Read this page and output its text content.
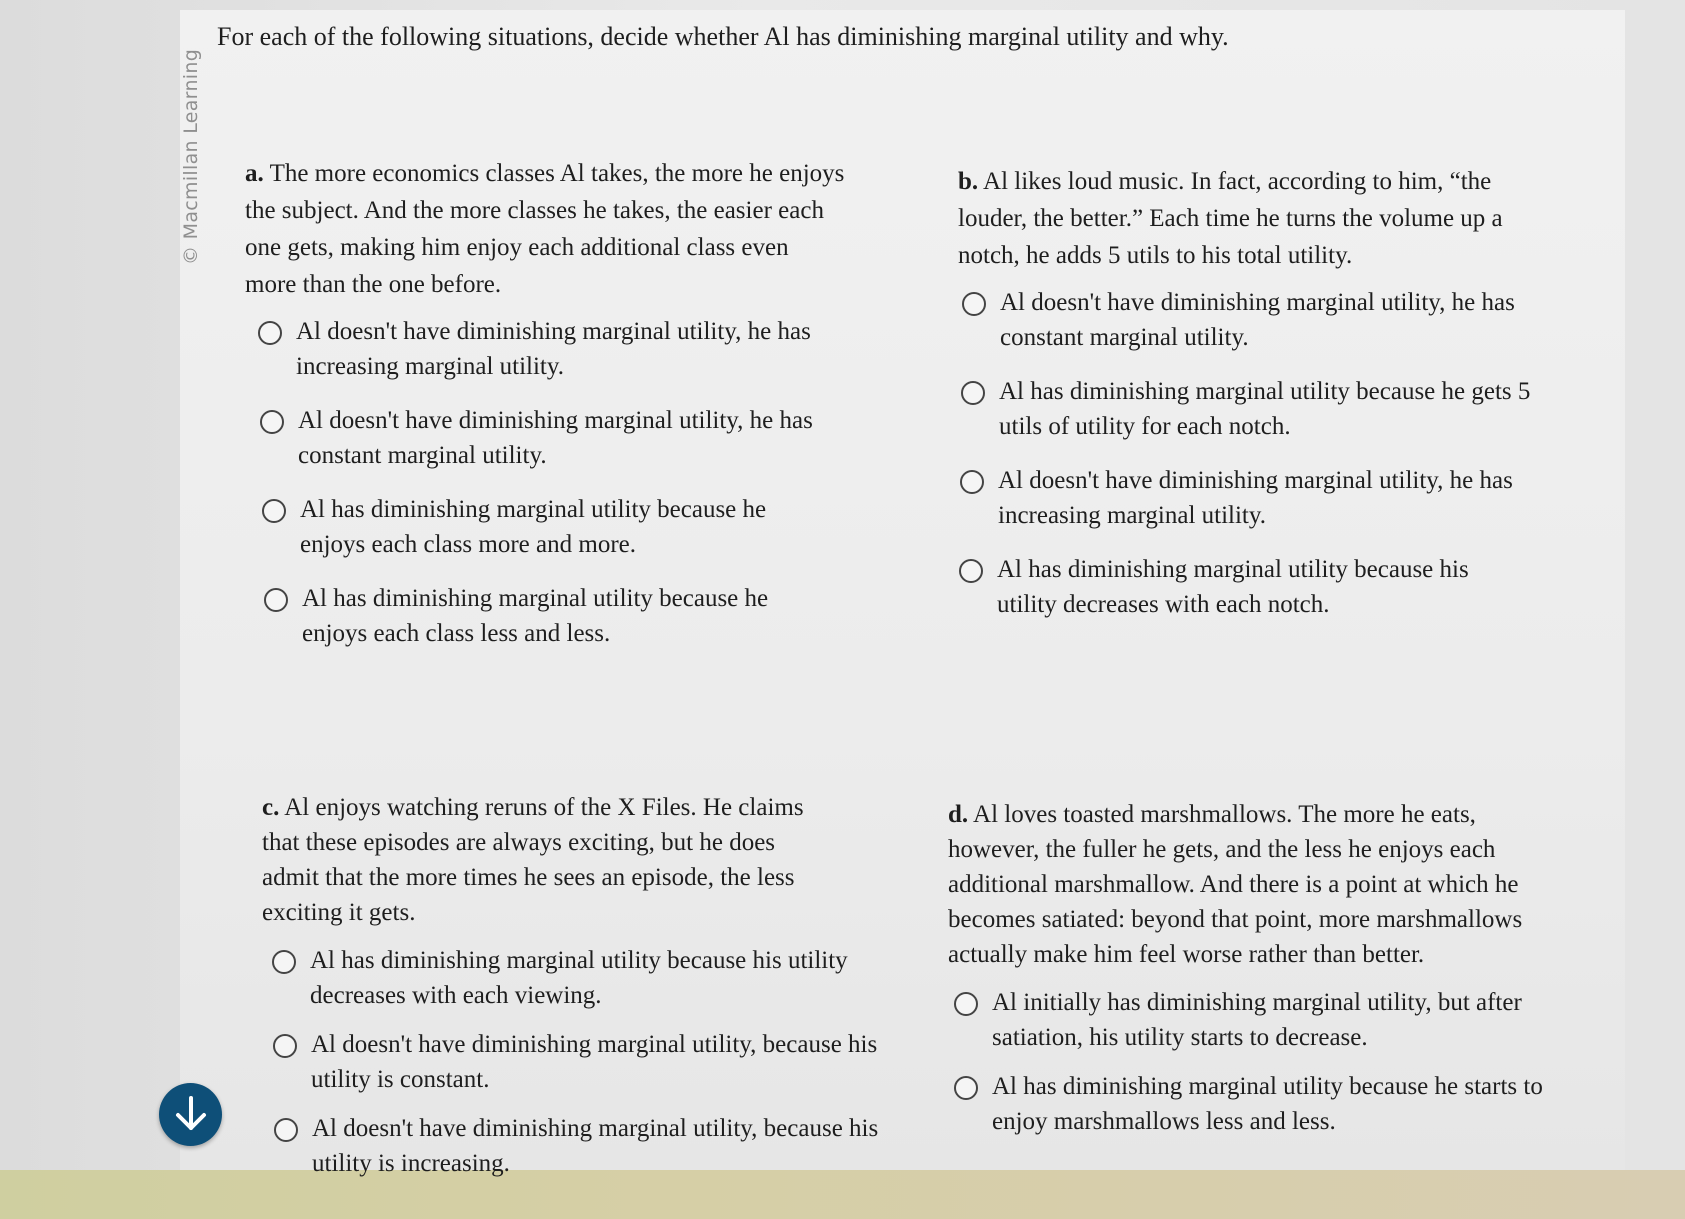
© Macmillan Learning
For each of the following situations, decide whether Al has diminishing marginal utility and why.
a. The more economics classes Al takes, the more he enjoys the subject. And the more classes he takes, the easier each one gets, making him enjoy each additional class even more than the one before.
Al doesn't have diminishing marginal utility, he has increasing marginal utility.
Al doesn't have diminishing marginal utility, he has constant marginal utility.
Al has diminishing marginal utility because he enjoys each class more and more.
Al has diminishing marginal utility because he enjoys each class less and less.
b. Al likes loud music. In fact, according to him, “the louder, the better.” Each time he turns the volume up a notch, he adds 5 utils to his total utility.
Al doesn't have diminishing marginal utility, he has constant marginal utility.
Al has diminishing marginal utility because he gets 5 utils of utility for each notch.
Al doesn't have diminishing marginal utility, he has increasing marginal utility.
Al has diminishing marginal utility because his utility decreases with each notch.
c. Al enjoys watching reruns of the X Files. He claims that these episodes are always exciting, but he does admit that the more times he sees an episode, the less exciting it gets.
Al has diminishing marginal utility because his utility decreases with each viewing.
Al doesn't have diminishing marginal utility, because his utility is constant.
Al doesn't have diminishing marginal utility, because his utility is increasing.
d. Al loves toasted marshmallows. The more he eats, however, the fuller he gets, and the less he enjoys each additional marshmallow. And there is a point at which he becomes satiated: beyond that point, more marshmallows actually make him feel worse rather than better.
Al initially has diminishing marginal utility, but after satiation, his utility starts to decrease.
Al has diminishing marginal utility because he starts to enjoy marshmallows less and less.
